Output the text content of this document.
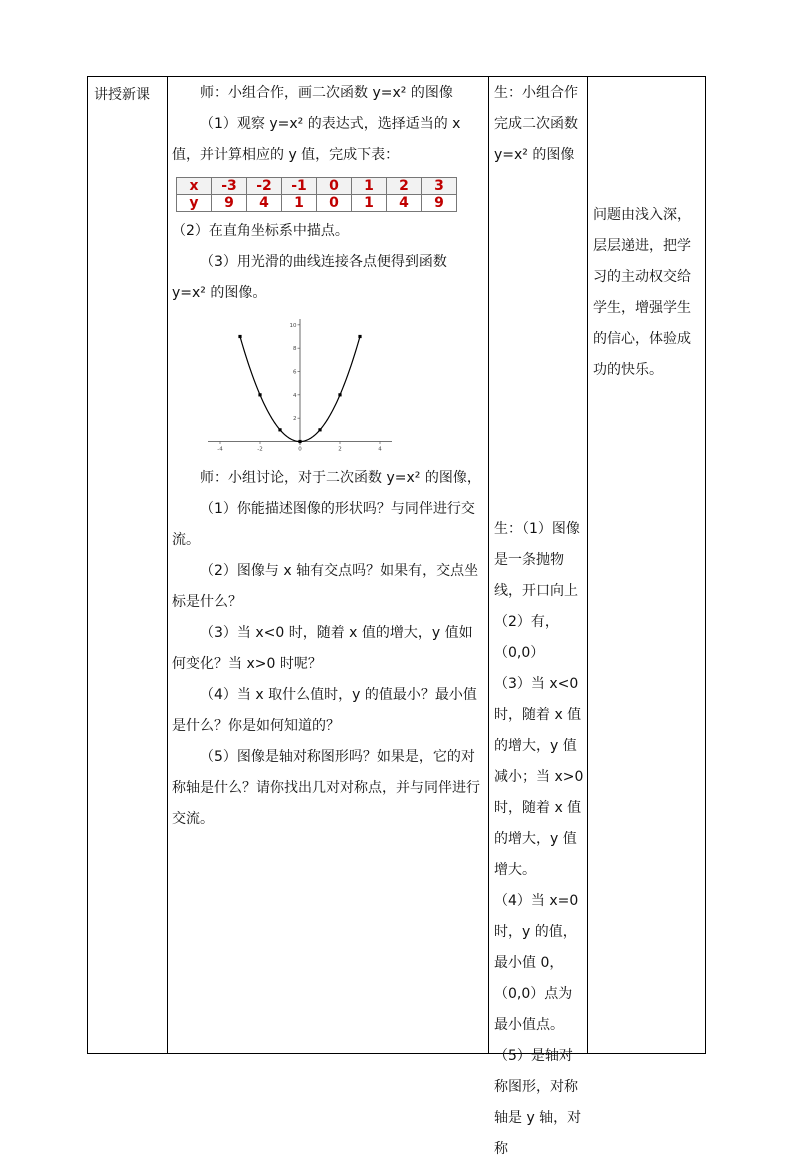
讲授新课	师：小组合作，画二次函数 y=x² 的图像

（1）观察 y=x² 的表达式，选择适当的 x 值，并计算相应的 y 值，完成下表：

x	-3	-2	-1	0	1	2	3
y	9	4	1	0	1	4	9

（2）在直角坐标系中描点。

（3）用光滑的曲线连接各点便得到函数 y=x² 的图像。

-4	-2	0	2	4
2
4
6
8
10

师：小组讨论，对于二次函数 y=x² 的图像，

（1）你能描述图像的形状吗？与同伴进行交流。

（2）图像与 x 轴有交点吗？如果有，交点坐标是什么？

（3）当 x<0 时，随着 x 值的增大，y 值如何变化？当 x>0 时呢？

（4）当 x 取什么值时，y 的值最小？最小值是什么？你是如何知道的？

（5）图像是轴对称图形吗？如果是，它的对称轴是什么？请你找出几对对称点，并与同伴进行交流。

生：小组合作完成二次函数 y=x² 的图像

生：（1）图像是一条抛物线，开口向上

（2）有，（0,0）

（3）当 x<0 时，随着 x 值的增大，y 值减小；当 x>0 时，随着 x 值的增大，y 值增大。

（4）当 x=0 时，y 的值，最小值 0，（0,0）点为最小值点。

（5）是轴对称图形，对称轴是 y 轴，对称

问题由浅入深，层层递进，把学习的主动权交给学生，增强学生的信心，体验成功的快乐。
